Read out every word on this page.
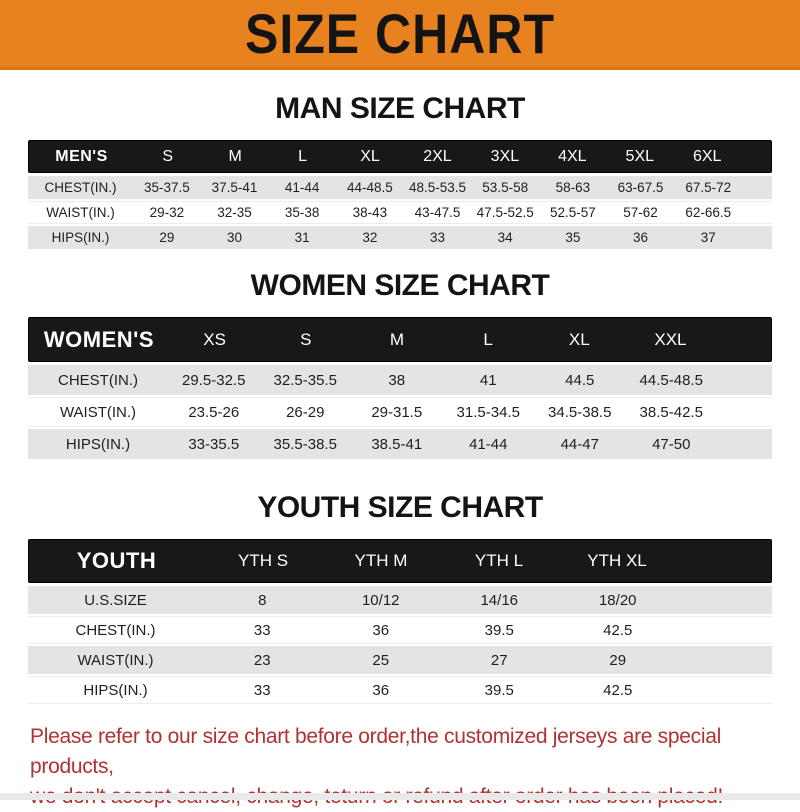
SIZE CHART
MAN SIZE CHART
MEN'S	S	M	L	XL	2XL	3XL	4XL	5XL	6XL
CHEST(IN.)	35-37.5	37.5-41	41-44	44-48.5	48.5-53.5	53.5-58	58-63	63-67.5	67.5-72
WAIST(IN.)	29-32	32-35	35-38	38-43	43-47.5	47.5-52.5	52.5-57	57-62	62-66.5
HIPS(IN.)	29	30	31	32	33	34	35	36	37
WOMEN SIZE CHART
WOMEN'S	XS	S	M	L	XL	XXL
CHEST(IN.)	29.5-32.5	32.5-35.5	38	41	44.5	44.5-48.5
WAIST(IN.)	23.5-26	26-29	29-31.5	31.5-34.5	34.5-38.5	38.5-42.5
HIPS(IN.)	33-35.5	35.5-38.5	38.5-41	41-44	44-47	47-50
YOUTH SIZE CHART
YOUTH	YTH S	YTH M	YTH L	YTH XL
U.S.SIZE	8	10/12	14/16	18/20
CHEST(IN.)	33	36	39.5	42.5
WAIST(IN.)	23	25	27	29
HIPS(IN.)	33	36	39.5	42.5

Please refer to our size chart before order,the customized jerseys are special products,
